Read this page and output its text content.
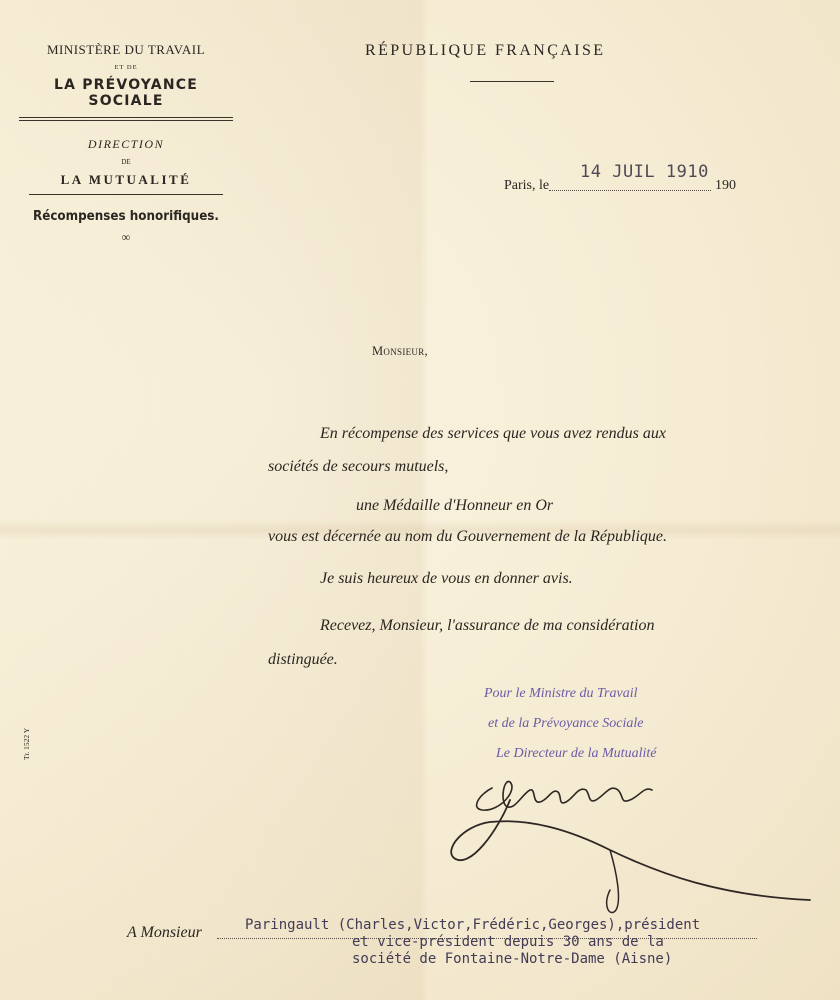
MINISTÈRE DU TRAVAIL
ET DE
LA PRÉVOYANCE SOCIALE
DIRECTION
DE
LA MUTUALITÉ
Récompenses honorifiques.
∞
RÉPUBLIQUE FRANÇAISE
Paris, le
14 JUIL 1910
190
Monsieur,
En récompense des services que vous avez rendus aux
sociétés de secours mutuels,
une Médaille d'Honneur en Or
vous est décernée au nom du Gouvernement de la République.
Je suis heureux de vous en donner avis.
Recevez, Monsieur, l'assurance de ma considération
distinguée.
Pour le Ministre du Travail
et de la Prévoyance Sociale
Le Directeur de la Mutualité
Tr. 1522 Y
A Monsieur	Paringault (Charles,Victor,Frédéric,Georges),président
et vice-président depuis 30 ans de la
société de Fontaine-Notre-Dame (Aisne)
